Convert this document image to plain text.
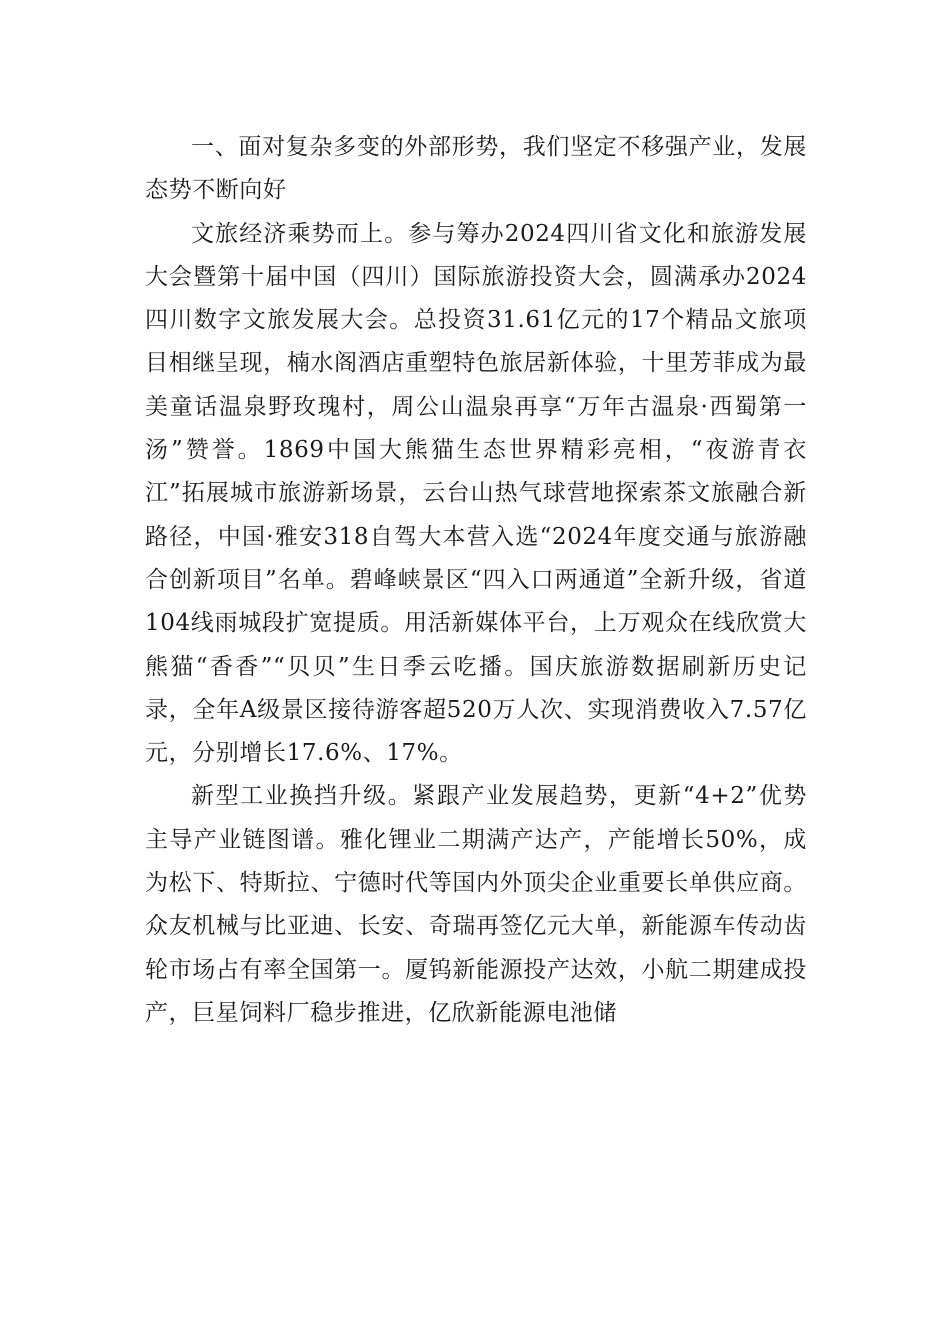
一、面对复杂多变的外部形势，我们坚定不移强产业，发展态势不断向好

文旅经济乘势而上。参与筹办2024四川省文化和旅游发展大会暨第十届中国（四川）国际旅游投资大会，圆满承办2024四川数字文旅发展大会。总投资31.61亿元的17个精品文旅项目相继呈现，楠水阁酒店重塑特色旅居新体验，十里芳菲成为最美童话温泉野玫瑰村，周公山温泉再享“万年古温泉·西蜀第一汤”赞誉。1869中国大熊猫生态世界精彩亮相，“夜游青衣江”拓展城市旅游新场景，云台山热气球营地探索茶文旅融合新路径，中国·雅安318自驾大本营入选“2024年度交通与旅游融合创新项目”名单。碧峰峡景区“四入口两通道”全新升级，省道104线雨城段扩宽提质。用活新媒体平台，上万观众在线欣赏大熊猫“香香”“贝贝”生日季云吃播。国庆旅游数据刷新历史记录，全年A级景区接待游客超520万人次、实现消费收入7.57亿元，分别增长17.6%、17%。

新型工业换挡升级。紧跟产业发展趋势，更新“4+2”优势主导产业链图谱。雅化锂业二期满产达产，产能增长50%，成为松下、特斯拉、宁德时代等国内外顶尖企业重要长单供应商。众友机械与比亚迪、长安、奇瑞再签亿元大单，新能源车传动齿轮市场占有率全国第一。厦钨新能源投产达效，小航二期建成投产，巨星饲料厂稳步推进，亿欣新能源电池储
